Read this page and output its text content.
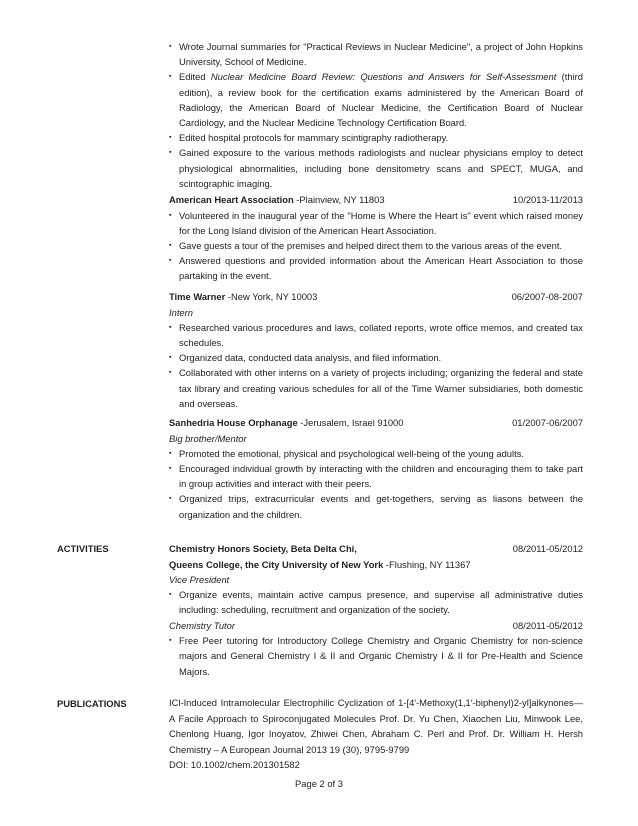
▪ Wrote Journal summaries for "Practical Reviews in Nuclear Medicine", a project of John Hopkins University, School of Medicine.
▪ Edited Nuclear Medicine Board Review: Questions and Answers for Self-Assessment (third edition), a review book for the certification exams administered by the American Board of Radiology, the American Board of Nuclear Medicine, the Certification Board of Nuclear Cardiology, and the Nuclear Medicine Technology Certification Board.
▪ Edited hospital protocols for mammary scintigraphy radiotherapy.
▪ Gained exposure to the various methods radiologists and nuclear physicians employ to detect physiological abnormalities, including bone densitometry scans and SPECT, MUGA, and scintographic imaging.
American Heart Association -Plainview, NY 11803	10/2013-11/2013
▪ Volunteered in the inaugural year of the "Home is Where the Heart is" event which raised money for the Long Island division of the American Heart Association.
▪ Gave guests a tour of the premises and helped direct them to the various areas of the event.
▪ Answered questions and provided information about the American Heart Association to those partaking in the event.
Time Warner -New York, NY 10003	06/2007-08-2007
Intern
▪ Researched various procedures and laws, collated reports, wrote office memos, and created tax schedules.
▪ Organized data, conducted data analysis, and filed information.
▪ Collaborated with other interns on a variety of projects including; organizing the federal and state tax library and creating various schedules for all of the Time Warner subsidiaries, both domestic and overseas.
Sanhedria House Orphanage -Jerusalem, Israel 91000	01/2007-06/2007
Big brother/Mentor
▪ Promoted the emotional, physical and psychological well-being of the young adults.
▪ Encouraged individual growth by interacting with the children and encouraging them to take part in group activities and interact with their peers.
▪ Organized trips, extracurricular events and get-togethers, serving as liasons between the organization and the children.
ACTIVITIES	Chemistry Honors Society, Beta Delta Chi,	08/2011-05/2012
Queens College, the City University of New York -Flushing, NY 11367
Vice President
▪ Organize events, maintain active campus presence, and supervise all administrative duties including: scheduling, recruitment and organization of the society.
Chemistry Tutor	08/2011-05/2012
▪ Free Peer tutoring for Introductory College Chemistry and Organic Chemistry for non-science majors and General Chemistry I & II and Organic Chemistry I & II for Pre-Health and Science Majors.
PUBLICATIONS	ICl-Induced Intramolecular Electrophilic Cyclization of 1-[4′-Methoxy(1,1′-biphenyl)2-yl]alkynones—A Facile Approach to Spiroconjugated Molecules Prof. Dr. Yu Chen, Xiaochen Liu, Minwook Lee, Chenlong Huang, Igor Inoyatov, Zhiwei Chen, Abraham C. Perl and Prof. Dr. William H. Hersh Chemistry – A European Journal 2013 19 (30), 9795-9799

DOI: 10.1002/chem.201301582

Page 2 of 3
